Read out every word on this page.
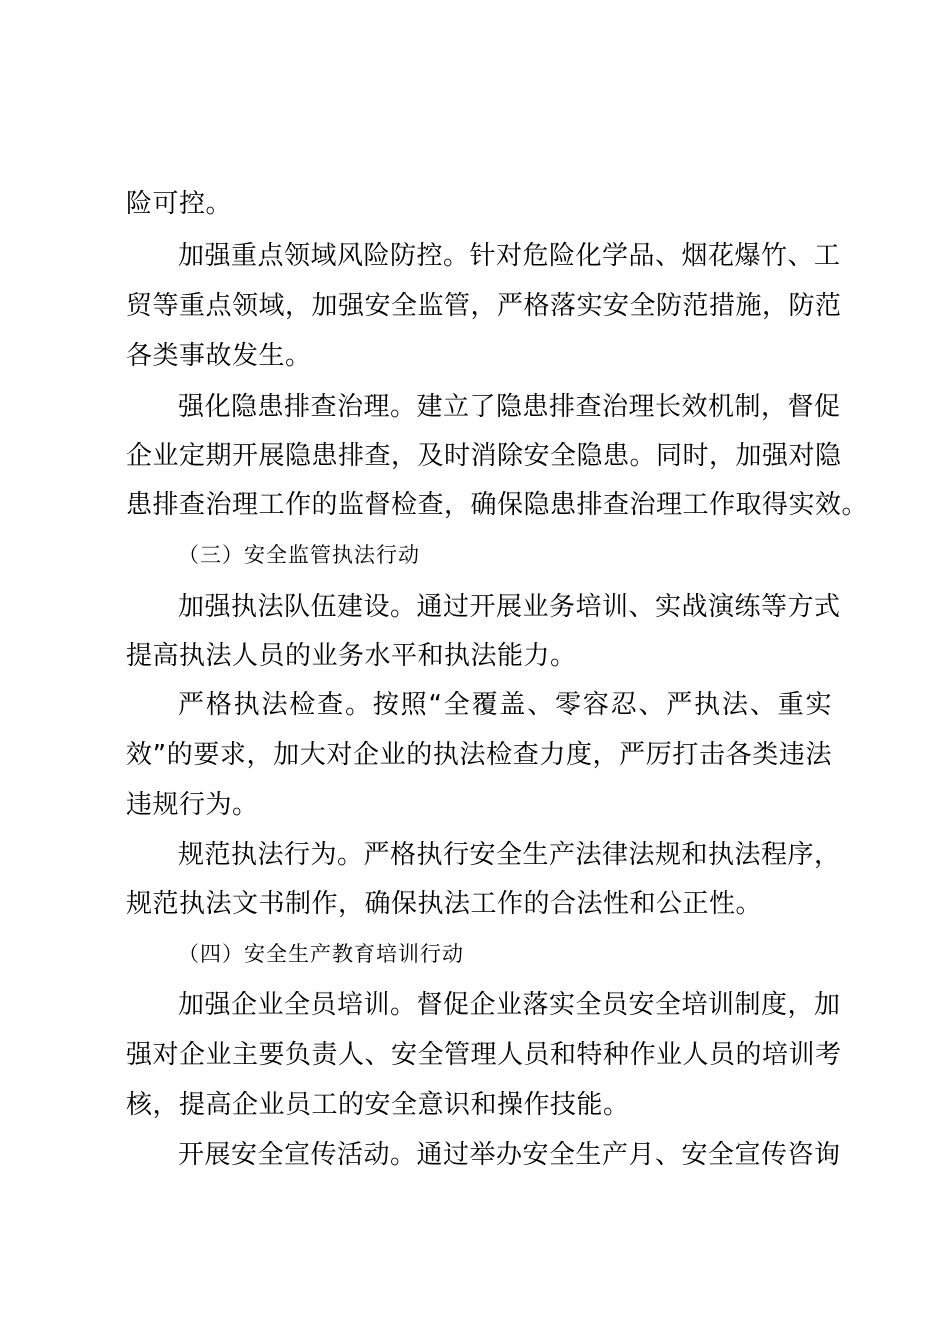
险可控。
加强重点领域风险防控。针对危险化学品、烟花爆竹、工
贸等重点领域，加强安全监管，严格落实安全防范措施，防范
各类事故发生。
强化隐患排查治理。建立了隐患排查治理长效机制，督促
企业定期开展隐患排查，及时消除安全隐患。同时，加强对隐
患排查治理工作的监督检查，确保隐患排查治理工作取得实效。
（三）安全监管执法行动
加强执法队伍建设。通过开展业务培训、实战演练等方式
提高执法人员的业务水平和执法能力。
严格执法检查。按照“全覆盖、零容忍、严执法、重实
效”的要求，加大对企业的执法检查力度，严厉打击各类违法
违规行为。
规范执法行为。严格执行安全生产法律法规和执法程序，
规范执法文书制作，确保执法工作的合法性和公正性。
（四）安全生产教育培训行动
加强企业全员培训。督促企业落实全员安全培训制度，加
强对企业主要负责人、安全管理人员和特种作业人员的培训考
核，提高企业员工的安全意识和操作技能。
开展安全宣传活动。通过举办安全生产月、安全宣传咨询
